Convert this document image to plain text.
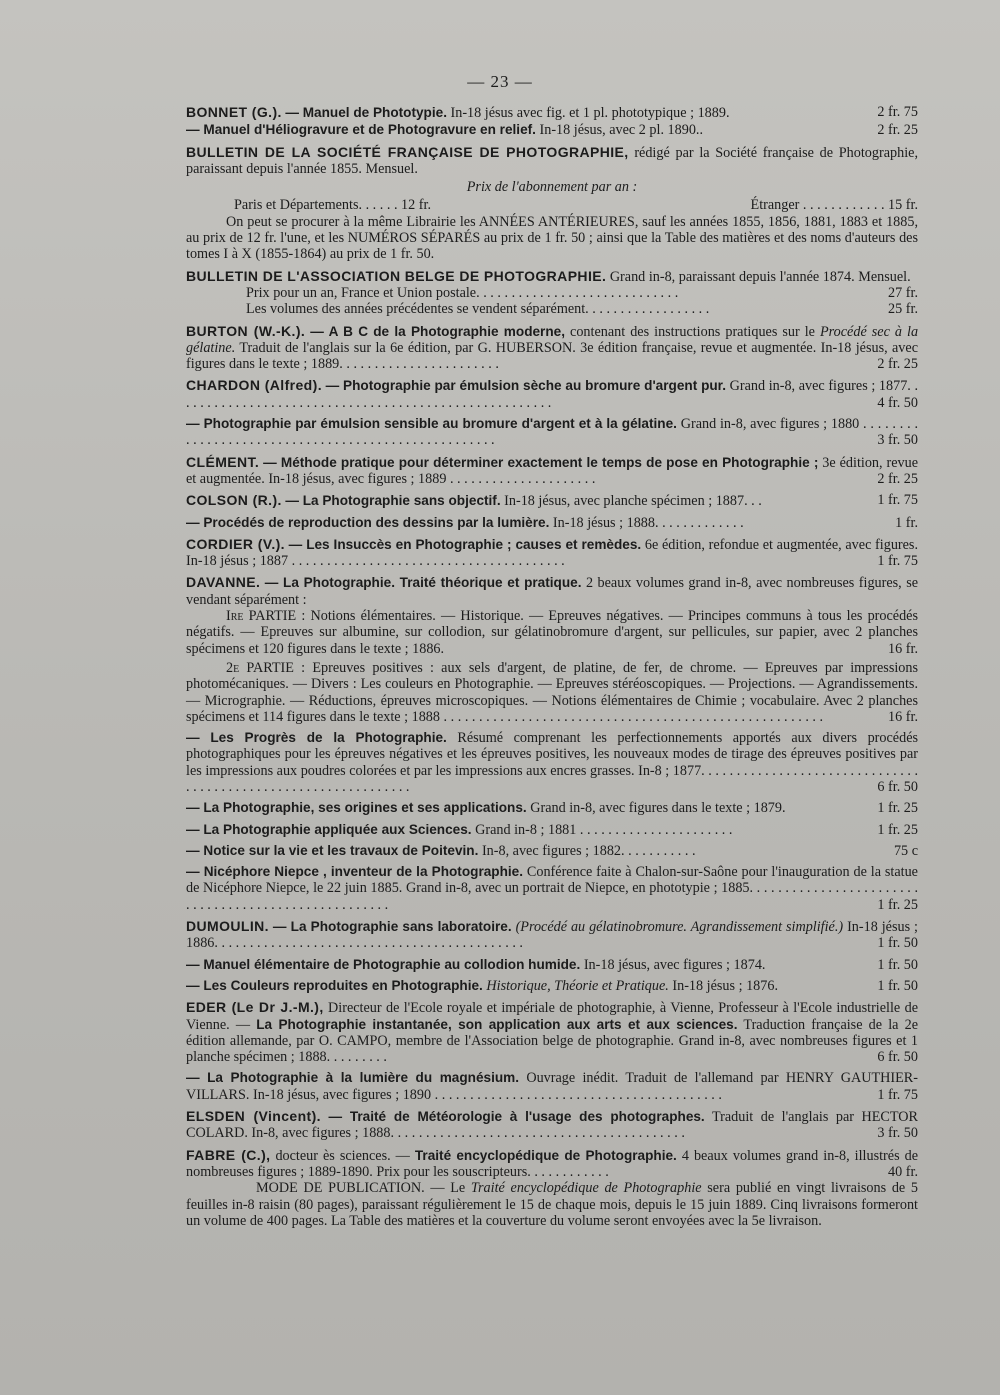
— 23 —
BONNET (G.). — Manuel de Phototypie. In-18 jésus avec fig. et 1 pl. phototypique ; 1889.	2 fr. 75
— Manuel d'Héliogravure et de Photogravure en relief. In-18 jésus, avec 2 pl. 1890..	2 fr. 25
BULLETIN DE LA SOCIÉTÉ FRANÇAISE DE PHOTOGRAPHIE, rédigé par la Société française de Photographie, paraissant depuis l'année 1855. Mensuel.
Prix de l'abonnement par an :
Paris et Départements. . . . . . 12 fr.	Étranger . . . . . . . . . . . . 15 fr.
On peut se procurer à la même Librairie les ANNÉES ANTÉRIEURES, sauf les années 1855, 1856, 1881, 1883 et 1885, au prix de 12 fr. l'une, et les NUMÉROS SÉPARÉS au prix de 1 fr. 50 ; ainsi que la Table des matières et des noms d'auteurs des tomes I à X (1855-1864) au prix de 1 fr. 50.
BULLETIN DE L'ASSOCIATION BELGE DE PHOTOGRAPHIE. Grand in-8, paraissant depuis l'année 1874. Mensuel.
Prix pour un an, France et Union postale. . . . . . . . . . . . . . . . . . . . . . . . . . . . .	27 fr.
Les volumes des années précédentes se vendent séparément. . . . . . . . . . . . . . . . . .	25 fr.
BURTON (W.-K.). — A B C de la Photographie moderne, contenant des instructions pratiques sur le Procédé sec à la gélatine. Traduit de l'anglais sur la 6e édition, par G. HUBERSON. 3e édition française, revue et augmentée. In-18 jésus, avec figures dans le texte ; 1889. . . . . . . . . . . . . . . . . . . . . . .	2 fr. 25
CHARDON (Alfred). — Photographie par émulsion sèche au bromure d'argent pur. Grand in-8, avec figures ; 1877. . . . . . . . . . . . . . . . . . . . . . . . . . . . . . . . . . . . . . . . . . . . . . . . . . . . . .	4 fr. 50
— Photographie par émulsion sensible au bromure d'argent et à la gélatine. Grand in-8, avec figures ; 1880 . . . . . . . . . . . . . . . . . . . . . . . . . . . . . . . . . . . . . . . . . . . . . . . . . . . .	3 fr. 50
CLÉMENT. — Méthode pratique pour déterminer exactement le temps de pose en Photographie ; 3e édition, revue et augmentée. In-18 jésus, avec figures ; 1889 . . . . . . . . . . . . . . . . . . . . .	2 fr. 25
COLSON (R.). — La Photographie sans objectif. In-18 jésus, avec planche spécimen ; 1887. . .	1 fr. 75
— Procédés de reproduction des dessins par la lumière. In-18 jésus ; 1888. . . . . . . . . . . . .	1 fr.
CORDIER (V.). — Les Insuccès en Photographie ; causes et remèdes. 6e édition, refondue et augmentée, avec figures. In-18 jésus ; 1887 . . . . . . . . . . . . . . . . . . . . . . . . . . . . . . . . . . . . . . .	1 fr. 75
DAVANNE. — La Photographie. Traité théorique et pratique. 2 beaux volumes grand in-8, avec nombreuses figures, se vendant séparément :
Ire PARTIE : Notions élémentaires. — Historique. — Epreuves négatives. — Principes communs à tous les procédés négatifs. — Epreuves sur albumine, sur collodion, sur gélatinobromure d'argent, sur pellicules, sur papier, avec 2 planches spécimens et 120 figures dans le texte ; 1886.	16 fr.
2e PARTIE : Epreuves positives : aux sels d'argent, de platine, de fer, de chrome. — Epreuves par impressions photomécaniques. — Divers : Les couleurs en Photographie. — Epreuves stéréoscopiques. — Projections. — Agrandissements. — Micrographie. — Réductions, épreuves microscopiques. — Notions élémentaires de Chimie ; vocabulaire. Avec 2 planches spécimens et 114 figures dans le texte ; 1888 . . . . . . . . . . . . . . . . . . . . . . . . . . . . . . . . . . . . . . . . . . . . . . . . . . . . . .	16 fr.
— Les Progrès de la Photographie. Résumé comprenant les perfectionnements apportés aux divers procédés photographiques pour les épreuves négatives et les épreuves positives, les nouveaux modes de tirage des épreuves positives par les impressions aux poudres colorées et par les impressions aux encres grasses. In-8 ; 1877. . . . . . . . . . . . . . . . . . . . . . . . . . . . . . . . . . . . . . . . . . . . . . . . . . . . . . . . . . . . . . .	6 fr. 50
— La Photographie, ses origines et ses applications. Grand in-8, avec figures dans le texte ; 1879.	1 fr. 25
— La Photographie appliquée aux Sciences. Grand in-8 ; 1881 . . . . . . . . . . . . . . . . . . . . . .	1 fr. 25
— Notice sur la vie et les travaux de Poitevin. In-8, avec figures ; 1882. . . . . . . . . . .	75 c
— Nicéphore Niepce , inventeur de la Photographie. Conférence faite à Chalon-sur-Saône pour l'inauguration de la statue de Nicéphore Niepce, le 22 juin 1885. Grand in-8, avec un portrait de Niepce, en phototypie ; 1885. . . . . . . . . . . . . . . . . . . . . . . . . . . . . . . . . . . . . . . . . . . . . . . . . . . . .	1 fr. 25
DUMOULIN. — La Photographie sans laboratoire. (Procédé au gélatinobromure. Agrandissement simplifié.) In-18 jésus ; 1886. . . . . . . . . . . . . . . . . . . . . . . . . . . . . . . . . . . . . . . . . . . .	1 fr. 50
— Manuel élémentaire de Photographie au collodion humide. In-18 jésus, avec figures ; 1874.	1 fr. 50
— Les Couleurs reproduites en Photographie. Historique, Théorie et Pratique. In-18 jésus ; 1876.	1 fr. 50
EDER (Le Dr J.-M.), Directeur de l'Ecole royale et impériale de photographie, à Vienne, Professeur à l'Ecole industrielle de Vienne. — La Photographie instantanée, son application aux arts et aux sciences. Traduction française de la 2e édition allemande, par O. CAMPO, membre de l'Association belge de photographie. Grand in-8, avec nombreuses figures et 1 planche spécimen ; 1888. . . . . . . . .	6 fr. 50
— La Photographie à la lumière du magnésium. Ouvrage inédit. Traduit de l'allemand par HENRY GAUTHIER-VILLARS. In-18 jésus, avec figures ; 1890 . . . . . . . . . . . . . . . . . . . . . . . . . . . . . . . . . . . . . . . . .	1 fr. 75
ELSDEN (Vincent). — Traité de Météorologie à l'usage des photographes. Traduit de l'anglais par HECTOR COLARD. In-8, avec figures ; 1888. . . . . . . . . . . . . . . . . . . . . . . . . . . . . . . . . . . . . . . . . .	3 fr. 50
FABRE (C.), docteur ès sciences. — Traité encyclopédique de Photographie. 4 beaux volumes grand in-8, illustrés de nombreuses figures ; 1889-1890. Prix pour les souscripteurs. . . . . . . . . . . .	40 fr.
MODE DE PUBLICATION. — Le Traité encyclopédique de Photographie sera publié en vingt livraisons de 5 feuilles in-8 raisin (80 pages), paraissant régulièrement le 15 de chaque mois, depuis le 15 juin 1889. Cinq livraisons formeront un volume de 400 pages. La Table des matières et la couverture du volume seront envoyées avec la 5e livraison.
